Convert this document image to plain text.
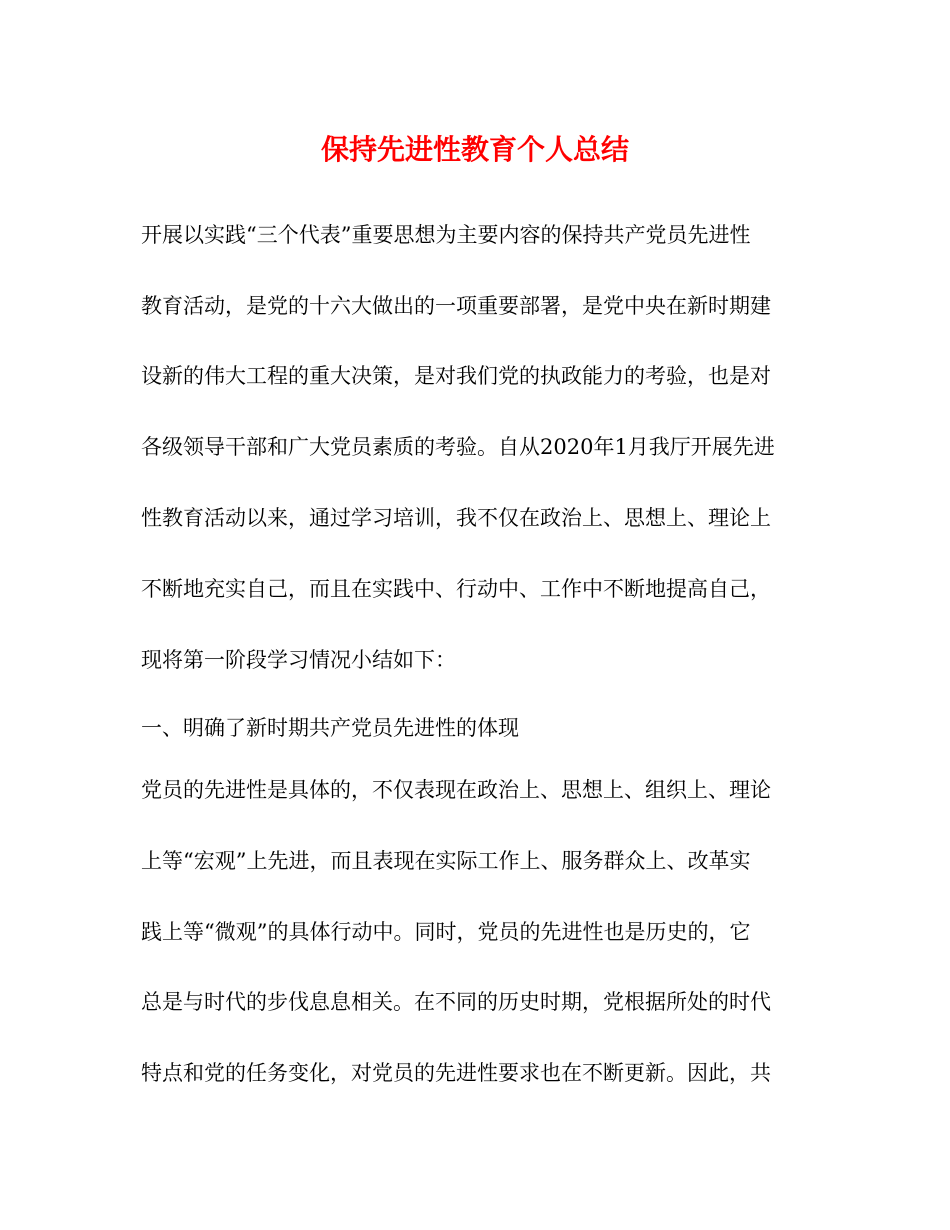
保持先进性教育个人总结
开展以实践“三个代表”重要思想为主要内容的保持共产党员先进性
教育活动，是党的十六大做出的一项重要部署，是党中央在新时期建
设新的伟大工程的重大决策，是对我们党的执政能力的考验，也是对
各级领导干部和广大党员素质的考验。自从2020年1月我厅开展先进
性教育活动以来，通过学习培训，我不仅在政治上、思想上、理论上
不断地充实自己，而且在实践中、行动中、工作中不断地提高自己，
现将第一阶段学习情况小结如下：
一、明确了新时期共产党员先进性的体现
党员的先进性是具体的，不仅表现在政治上、思想上、组织上、理论
上等“宏观”上先进，而且表现在实际工作上、服务群众上、改革实
践上等“微观”的具体行动中。同时，党员的先进性也是历史的，它
总是与时代的步伐息息相关。在不同的历史时期，党根据所处的时代
特点和党的任务变化，对党员的先进性要求也在不断更新。因此，共
